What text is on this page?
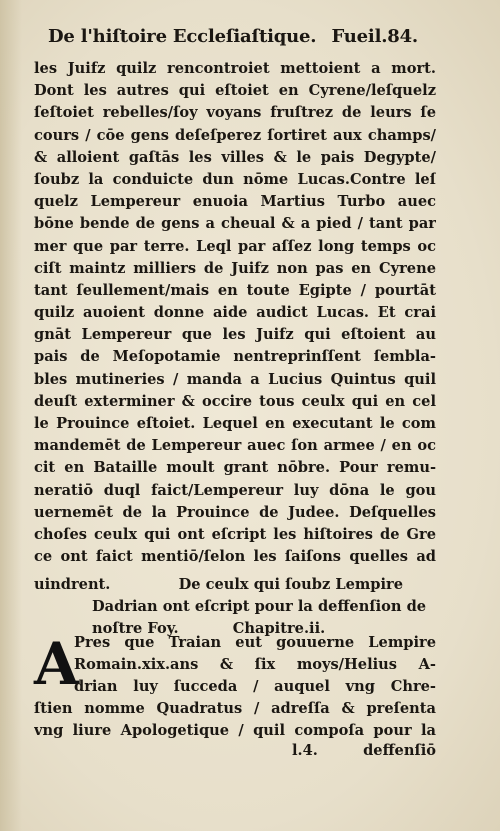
De l'hiſtoire Eccleſiaſtique. Fueil.84.
les Juifz quilz rencontroiet mettoient a mort.
Dont les autres qui eſtoiet en Cyrene/leſquelz
ſeſtoiet rebelles/ſoy voyans fruſtrez de leurs ſe
cours / cōe gens deſeſperez ſortiret aux champs/
& alloient gaſtās les villes & le pais Degypte/
ſoubz la conduicte dun nōme Lucas.Contre leſ
quelz Lempereur enuoia Martius Turbo auec
bōne bende de gens a cheual & a pied / tant par
mer que par terre. Leql par aſſez long temps oc
ciſt maintz milliers de Juifz non pas en Cyrene
tant ſeullement/mais en toute Egipte / pourtāt
quilz auoient donne aide audict Lucas. Et crai
gnāt Lempereur que les Juifz qui eſtoient au
pais de Meſopotamie nentreprinſſent ſembla-
bles mutineries / manda a Lucius Quintus quil
deuſt exterminer & occire tous ceulx qui en cel
le Prouince eſtoiet. Lequel en executant le com
mandemēt de Lempereur auec ſon armee / en oc
cit en Bataille moult grant nōbre. Pour remu-
neratiō duql faict/Lempereur luy dōna le gou
uernemēt de la Prouince de Judee. Deſquelles
choſes ceulx qui ont eſcript les hiſtoires de Gre
ce ont faict mentiō/ſelon les ſaiſons quelles ad
uindrent.	De ceulx qui ſoubz Lempire
Dadrian ont eſcript pour la deffenſion de
noſtre Foy.	Chapitre.ii.
A
Pres que Traian eut gouuerne Lempire
Romain.xix.ans & ſix moys/Helius A-
drian luy ſucceda / auquel vng Chre-
ſtien nomme Quadratus / adreſſa & preſenta
vng liure Apologetique / quil compoſa pour la
l.4.	deffenſiō
